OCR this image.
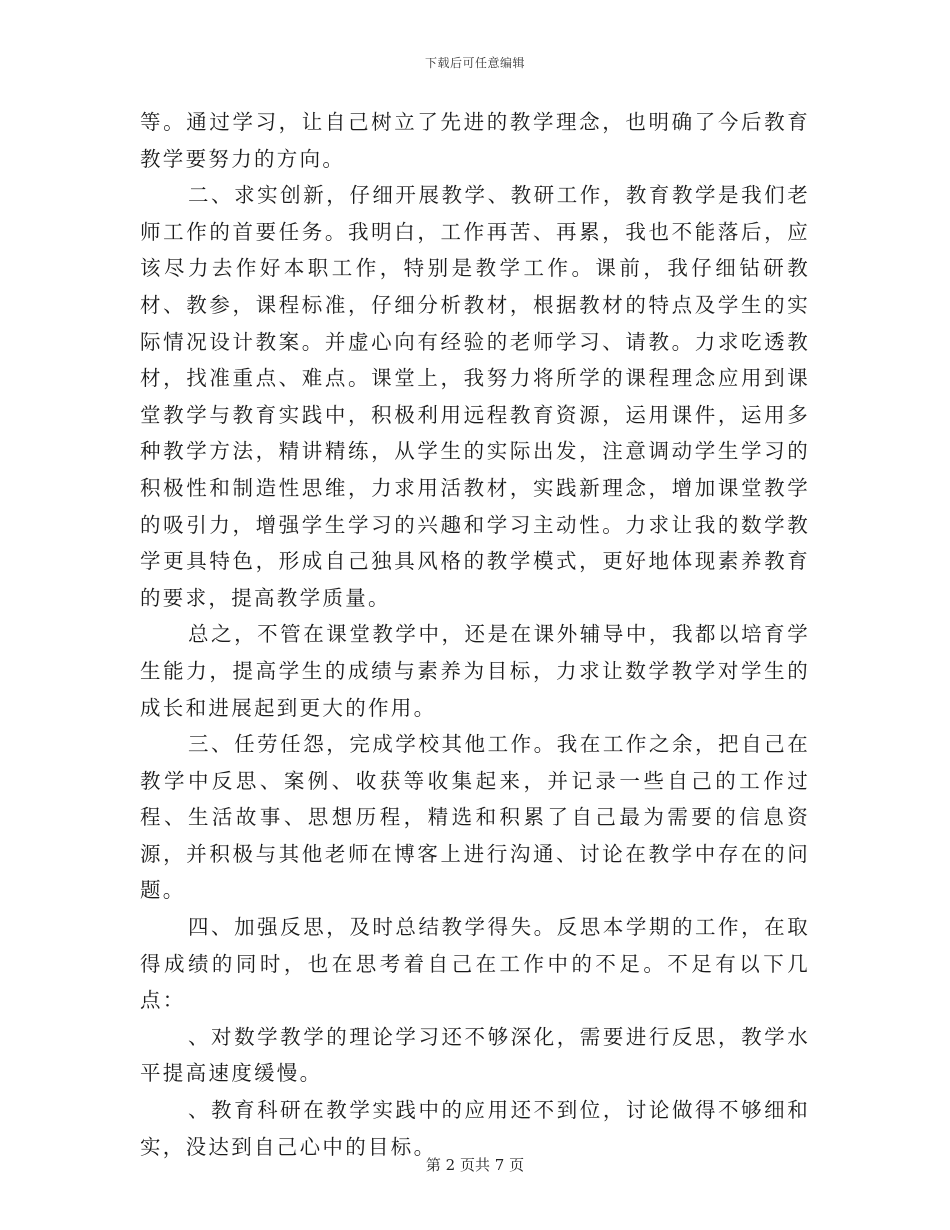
下载后可任意编辑

等。通过学习，让自己树立了先进的教学理念，也明确了今后教育教学要努力的方向。

二、求实创新，仔细开展教学、教研工作，教育教学是我们老师工作的首要任务。我明白，工作再苦、再累，我也不能落后，应该尽力去作好本职工作，特别是教学工作。课前，我仔细钻研教材、教参，课程标准，仔细分析教材，根据教材的特点及学生的实际情况设计教案。并虚心向有经验的老师学习、请教。力求吃透教材，找准重点、难点。课堂上，我努力将所学的课程理念应用到课堂教学与教育实践中，积极利用远程教育资源，运用课件，运用多种教学方法，精讲精练，从学生的实际出发，注意调动学生学习的积极性和制造性思维，力求用活教材，实践新理念，增加课堂教学的吸引力，增强学生学习的兴趣和学习主动性。力求让我的数学教学更具特色，形成自己独具风格的教学模式，更好地体现素养教育的要求，提高教学质量。

总之，不管在课堂教学中，还是在课外辅导中，我都以培育学生能力，提高学生的成绩与素养为目标，力求让数学教学对学生的成长和进展起到更大的作用。

三、任劳任怨，完成学校其他工作。我在工作之余，把自己在教学中反思、案例、收获等收集起来，并记录一些自己的工作过程、生活故事、思想历程，精选和积累了自己最为需要的信息资源，并积极与其他老师在博客上进行沟通、讨论在教学中存在的问题。

四、加强反思，及时总结教学得失。反思本学期的工作，在取得成绩的同时，也在思考着自己在工作中的不足。不足有以下几点：

、对数学教学的理论学习还不够深化，需要进行反思，教学水平提高速度缓慢。

、教育科研在教学实践中的应用还不到位，讨论做得不够细和实，没达到自己心中的目标。

第 2 页共 7 页
